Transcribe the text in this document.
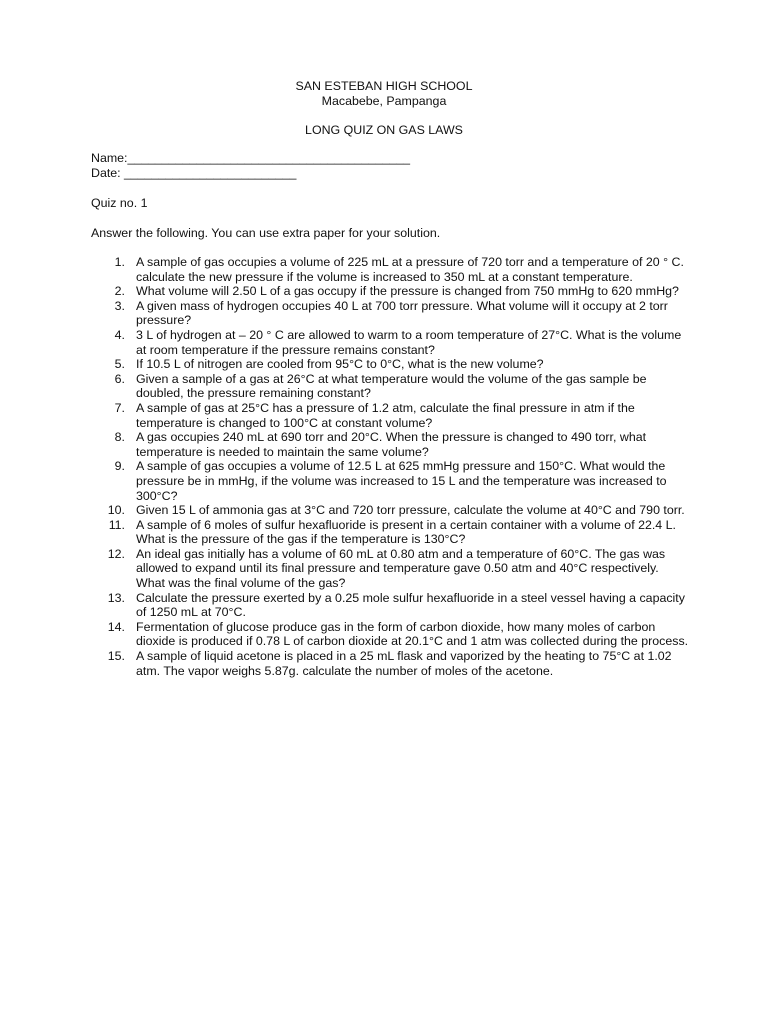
SAN ESTEBAN HIGH SCHOOL
Macabebe, Pampanga
LONG QUIZ ON GAS LAWS
Name:_________________________________________
Date: _________________________
Quiz no. 1
Answer the following. You can use extra paper for your solution.
1. A sample of gas occupies a volume of 225 mL at a pressure of 720 torr and a temperature of 20 ° C. calculate the new pressure if the volume is increased to 350 mL at a constant temperature.
2. What volume will 2.50 L of a gas occupy if the pressure is changed from 750 mmHg to 620 mmHg?
3. A given mass of hydrogen occupies 40 L at 700 torr pressure. What volume will it occupy at 2 torr pressure?
4. 3 L of hydrogen at – 20 ° C are allowed to warm to a room temperature of 27°C. What is the volume at room temperature if the pressure remains constant?
5. If 10.5 L of nitrogen are cooled from 95°C to 0°C, what is the new volume?
6. Given a sample of a gas at 26°C at what temperature would the volume of the gas sample be doubled, the pressure remaining constant?
7. A sample of gas at 25°C has a pressure of 1.2 atm, calculate the final pressure in atm if the temperature is changed to 100°C at constant volume?
8. A gas occupies 240 mL at 690 torr and 20°C. When the pressure is changed to 490 torr, what temperature is needed to maintain the same volume?
9. A sample of gas occupies a volume of 12.5 L at 625 mmHg pressure and 150°C. What would the pressure be in mmHg, if the volume was increased to 15 L and the temperature was increased to 300°C?
10. Given 15 L of ammonia gas at 3°C and 720 torr pressure, calculate the volume at 40°C and 790 torr.
11. A sample of 6 moles of sulfur hexafluoride is present in a certain container with a volume of 22.4 L. What is the pressure of the gas if the temperature is 130°C?
12. An ideal gas initially has a volume of 60 mL at 0.80 atm and a temperature of 60°C. The gas was allowed to expand until its final pressure and temperature gave 0.50 atm and 40°C respectively. What was the final volume of the gas?
13. Calculate the pressure exerted by a 0.25 mole sulfur hexafluoride in a steel vessel having a capacity of 1250 mL at 70°C.
14. Fermentation of glucose produce gas in the form of carbon dioxide, how many moles of carbon dioxide is produced if 0.78 L of carbon dioxide at 20.1°C and 1 atm was collected during the process.
15. A sample of liquid acetone is placed in a 25 mL flask and vaporized by the heating to 75°C at 1.02 atm. The vapor weighs 5.87g. calculate the number of moles of the acetone.
